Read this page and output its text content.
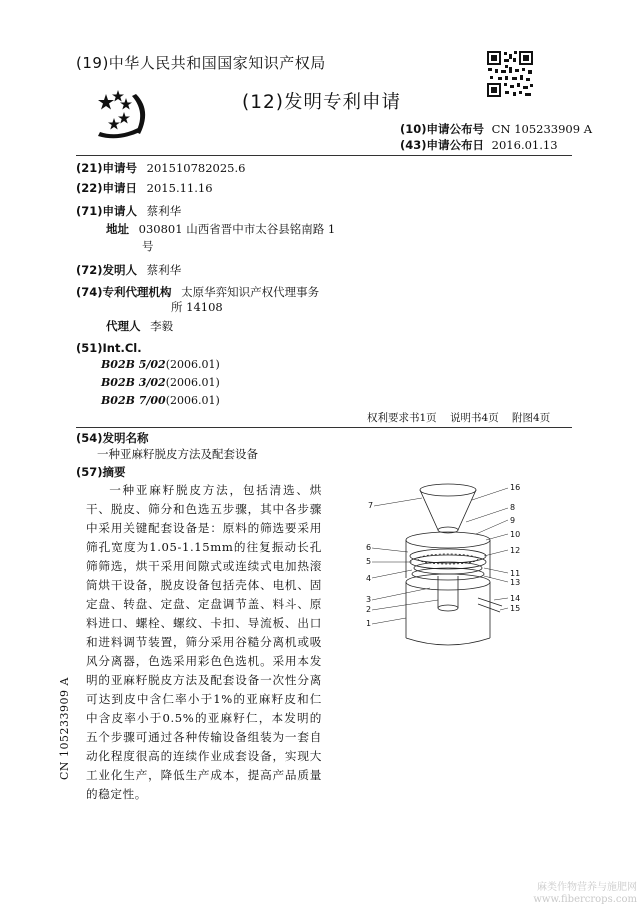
(19)中华人民共和国国家知识产权局
(12)发明专利申请
(10)申请公布号 CN 105233909 A
(43)申请公布日 2016.01.13
(21)申请号 201510782025.6
(22)申请日 2015.11.16
(71)申请人 蔡利华
地址 030801 山西省晋中市太谷县铭南路 1
号
(72)发明人 蔡利华
(74)专利代理机构 太原华弈知识产权代理事务
所 14108
代理人 李毅
(51)Int.Cl.
B02B 5/02(2006.01)
B02B 3/02(2006.01)
B02B 7/00(2006.01)
权利要求书1页    说明书4页    附图4页
(54)发明名称
一种亚麻籽脱皮方法及配套设备
(57)摘要
一种亚麻籽脱皮方法，包括清选、烘干、脱皮、筛分和色选五步骤，其中各步骤中采用关键配套设备是：原料的筛选要采用筛孔宽度为1.05-1.15mm的往复振动长孔筛筛选，烘干采用间隙式或连续式电加热滚筒烘干设备，脱皮设备包括壳体、电机、固定盘、转盘、定盘、定盘调节盖、料斗、原料进口、螺栓、螺纹、卡扣、导流板、出口和进料调节装置，筛分采用谷糙分离机或吸风分离器，色选采用彩色色选机。采用本发明的亚麻籽脱皮方法及配套设备一次性分离可达到皮中含仁率小于1%的亚麻籽皮和仁中含皮率小于0.5%的亚麻籽仁，本发明的五个步骤可通过各种传输设备组装为一套自动化程度很高的连续作业成套设备，实现大工业化生产，降低生产成本，提高产品质量的稳定性。
7
6
5
4
3
2
1
16
8
9
10
12
11
13
14
15
CN 105233909 A
麻类作物营养与施肥网
www.fibercrops.com
